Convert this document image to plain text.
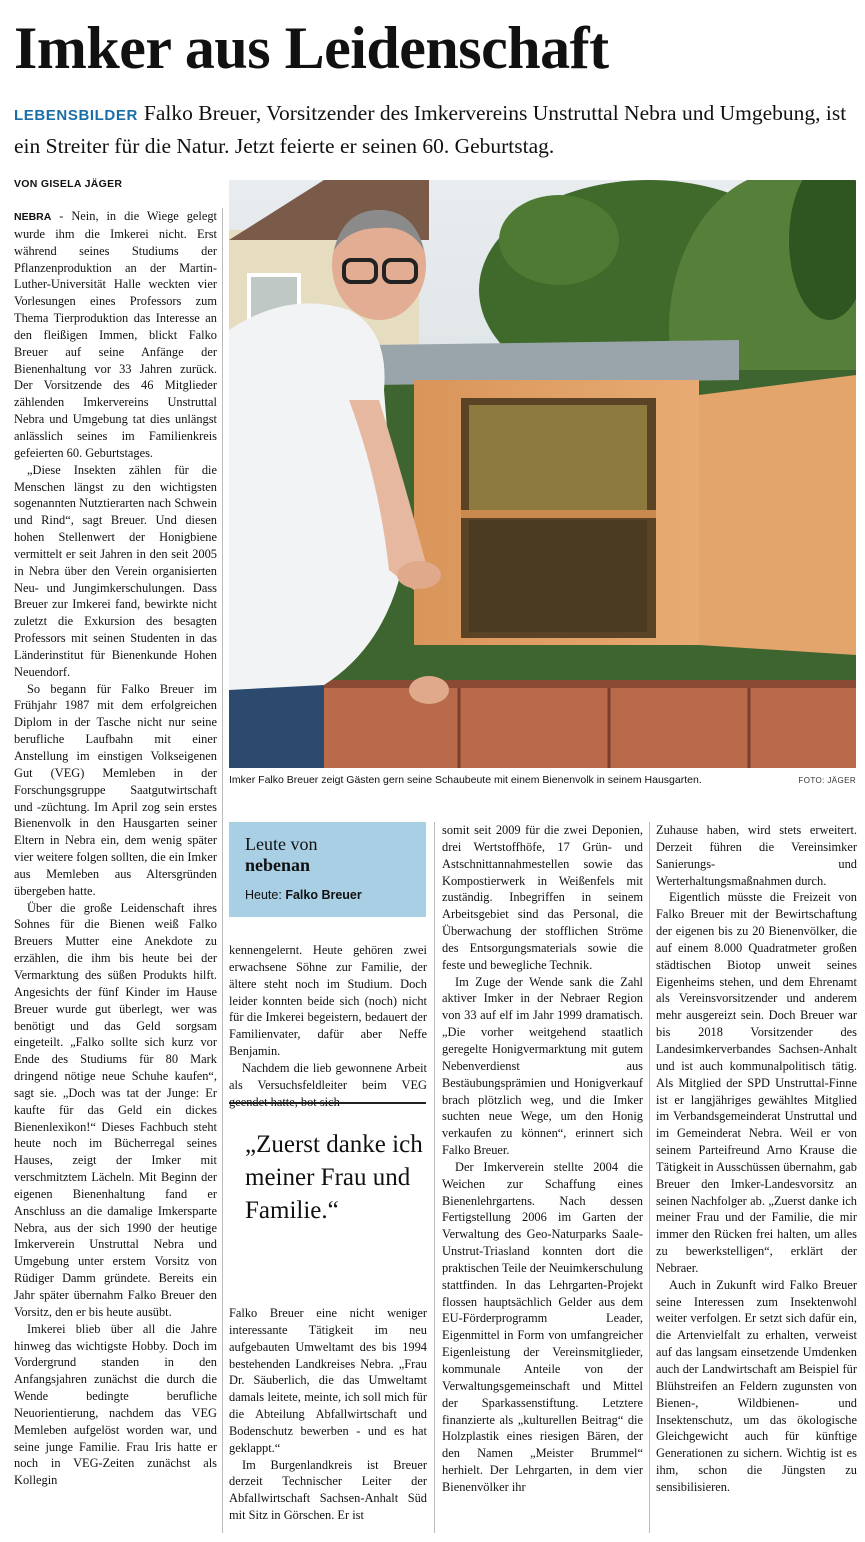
Imker aus Leidenschaft
LEBENSBILDER Falko Breuer, Vorsitzender des Imkervereins Unstruttal Nebra und Umgebung, ist ein Streiter für die Natur. Jetzt feierte er seinen 60. Geburtstag.
VON GISELA JÄGER

NEBRA - Nein, in die Wiege gelegt wurde ihm die Imkerei nicht. Erst während seines Studiums der Pflanzenproduktion an der Martin-Luther-Universität Halle weckten vier Vorlesungen eines Professors zum Thema Tierproduktion das Interesse an den fleißigen Immen, blickt Falko Breuer auf seine Anfänge der Bienenhaltung vor 33 Jahren zurück. Der Vorsitzende des 46 Mitglieder zählenden Imkervereins Unstruttal Nebra und Umgebung tat dies unlängst anlässlich seines im Familienkreis gefeierten 60. Geburtstages.

„Diese Insekten zählen für die Menschen längst zu den wichtigsten sogenannten Nutztierarten nach Schwein und Rind“, sagt Breuer. Und diesen hohen Stellenwert der Honigbiene vermittelt er seit Jahren in den seit 2005 in Nebra über den Verein organisierten Neu- und Jungimkerschulungen. Dass Breuer zur Imkerei fand, bewirkte nicht zuletzt die Exkursion des besagten Professors mit seinen Studenten in das Länderinstitut für Bienenkunde Hohen Neuendorf.

So begann für Falko Breuer im Frühjahr 1987 mit dem erfolgreichen Diplom in der Tasche nicht nur seine berufliche Laufbahn mit einer Anstellung im einstigen Volkseigenen Gut (VEG) Memleben in der Forschungsgruppe Saatgutwirtschaft und -züchtung. Im April zog sein erstes Bienenvolk in den Hausgarten seiner Eltern in Nebra ein, dem wenig später vier weitere folgen sollten, die ein Imker aus Memleben aus Altersgründen übergeben hatte.

Über die große Leidenschaft ihres Sohnes für die Bienen weiß Falko Breuers Mutter eine Anekdote zu erzählen, die ihm bis heute bei der Vermarktung des süßen Produkts hilft. Angesichts der fünf Kinder im Hause Breuer wurde gut überlegt, wer was benötigt und das Geld sorgsam eingeteilt. „Falko sollte sich kurz vor Ende des Studiums für 80 Mark dringend nötige neue Schuhe kaufen“, sagt sie. „Doch was tat der Junge: Er kaufte für das Geld ein dickes Bienenlexikon!“ Dieses Fachbuch steht heute noch im Bücherregal seines Hauses, zeigt der Imker mit verschmitztem Lächeln. Mit Beginn der eigenen Bienenhaltung fand er Anschluss an die damalige Imkersparte Nebra, aus der sich 1990 der heutige Imkerverein Unstruttal Nebra und Umgebung unter erstem Vorsitz von Rüdiger Damm gründete. Bereits ein Jahr später übernahm Falko Breuer den Vorsitz, den er bis heute ausübt.

Imkerei blieb über all die Jahre hinweg das wichtigste Hobby. Doch im Vordergrund standen in den Anfangsjahren zunächst die durch die Wende bedingte berufliche Neuorientierung, nachdem das VEG Memleben aufgelöst worden war, und seine junge Familie. Frau Iris hatte er noch in VEG-Zeiten zunächst als Kollegin

Imker Falko Breuer zeigt Gästen gern seine Schaubeute mit einem Bienenvolk in seinem Hausgarten.	FOTO: JÄGER
Leute von
nebenan
Heute: Falko Breuer

kennengelernt. Heute gehören zwei erwachsene Söhne zur Familie, der ältere steht noch im Studium. Doch leider konnten beide sich (noch) nicht für die Imkerei begeistern, bedauert der Familienvater, dafür aber Neffe Benjamin.

Nachdem die lieb gewonnene Arbeit als Versuchsfeldleiter beim VEG

„Zuerst danke ich meiner Frau und Familie.“

Falko Breuer eine nicht weniger interessante Tätigkeit im neu aufgebauten Umweltamt des bis 1994 bestehenden Landkreises Nebra. „Frau Dr. Säuberlich, die das Umweltamt damals leitete, meinte, ich soll mich für die Abteilung Abfallwirtschaft und Bodenschutz bewerben - und es hat geklappt.“

Im Burgenlandkreis ist Breuer derzeit Technischer Leiter der Abfallwirtschaft Sachsen-Anhalt Süd mit Sitz in Görschen. Er ist

somit seit 2009 für die zwei Deponien, drei Wertstoffhöfe, 17 Grün- und Astschnittannahmestellen sowie das Kompostierwerk in Weißenfels mit zuständig. Inbegriffen in seinem Arbeitsgebiet sind das Personal, die Überwachung der stofflichen Ströme des Entsorgungsmaterials sowie die feste und bewegliche Technik.

Im Zuge der Wende sank die Zahl aktiver Imker in der Nebraer Region von 33 auf elf im Jahr 1999 dramatisch. „Die vorher weitgehend staatlich geregelte Honigvermarktung mit gutem Nebenverdienst aus Bestäubungsprämien und Honigverkauf brach plötzlich weg, und die Imker suchten neue Wege, um den Honig verkaufen zu können“, erinnert sich Falko Breuer.

Der Imkerverein stellte 2004 die Weichen zur Schaffung eines Bienenlehrgartens. Nach dessen Fertigstellung 2006 im Garten der Verwaltung des Geo-Naturparks Saale-Unstrut-Triasland konnten dort die praktischen Teile der Neuimkerschulung stattfinden. In das Lehrgarten-Projekt flossen hauptsächlich Gelder aus dem EU-Förderprogramm Leader, Eigenmittel in Form von umfangreicher Eigenleistung der Vereinsmitglieder, kommunale Anteile von der Verwaltungsgemeinschaft und Mittel der Sparkassenstiftung. Letztere finanzierte als „kulturellen Beitrag“ die Holzplastik eines riesigen Bären, der den Namen „Meister Brummel“ herhielt. Der Lehrgarten, in dem vier Bienenvölker ihr

Zuhause haben, wird stets erweitert. Derzeit führen die Vereinsimker Sanierungs- und Werterhaltungsmaßnahmen durch.

Eigentlich müsste die Freizeit von Falko Breuer mit der Bewirtschaftung der eigenen bis zu 20 Bienenvölker, die auf einem 8.000 Quadratmeter großen städtischen Biotop unweit seines Eigenheims stehen, und dem Ehrenamt als Vereinsvorsitzender und anderem mehr ausgereizt sein. Doch Breuer war bis 2018 Vorsitzender des Landesimkerverbandes Sachsen-Anhalt und ist auch kommunalpolitisch tätig. Als Mitglied der SPD Unstruttal-Finne ist er langjähriges gewähltes Mitglied im Verbandsgemeinderat Unstruttal und im Gemeinderat Nebra. Weil er von seinem Parteifreund Arno Krause die Tätigkeit in Ausschüssen übernahm, gab Breuer den Imker-Landesvorsitz an seinen Nachfolger ab. „Zuerst danke ich meiner Frau und der Familie, die mir immer den Rücken frei halten, um alles zu bewerkstelligen“, erklärt der Nebraer.

Auch in Zukunft wird Falko Breuer seine Interessen zum Insektenwohl weiter verfolgen. Er setzt sich dafür ein, die Artenvielfalt zu erhalten, verweist auf das langsam einsetzende Umdenken auch der Landwirtschaft am Beispiel für Blühstreifen an Feldern zugunsten von Bienen-, Wildbienen- und Insektenschutz, um das ökologische Gleichgewicht auch für künftige Generationen zu sichern. Wichtig ist es ihm, schon die Jüngsten zu sensibilisieren.
